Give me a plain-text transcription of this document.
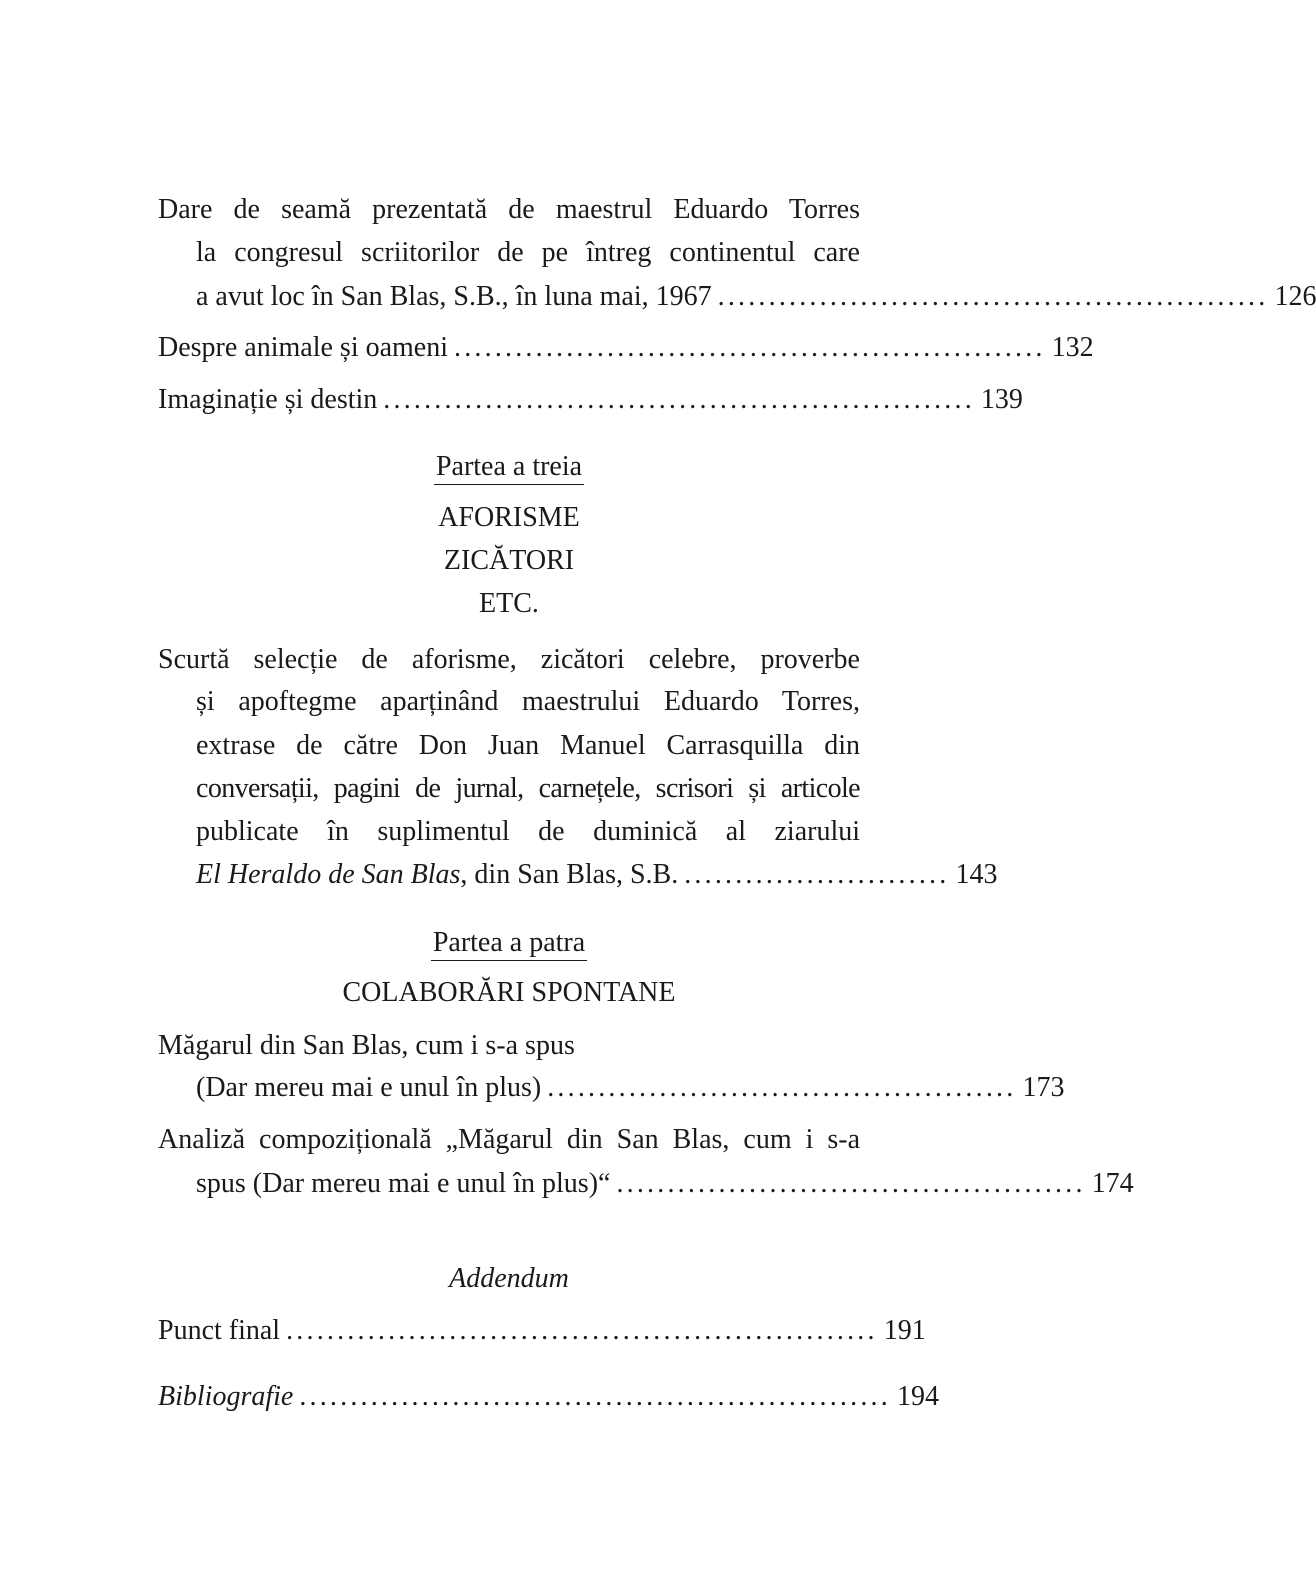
Dare de seamă prezentată de maestrul Eduardo Torres
la congresul scriitorilor de pe întreg continentul care
a avut loc în San Blas, S.B., în luna mai, 1967 ...................................................... 126
Despre animale și oameni .......................................................... 132
Imaginație și destin .......................................................... 139
Partea a treia
AFORISME
ZICĂTORI
ETC.
Scurtă selecție de aforisme, zicători celebre, proverbe
și apoftegme aparținând maestrului Eduardo Torres,
extrase de către Don Juan Manuel Carrasquilla din
conversații, pagini de jurnal, carnețele, scrisori și articole
publicate în suplimentul de duminică al ziarului
El Heraldo de San Blas, din San Blas, S.B. .......................... 143
Partea a patra
COLABORĂRI SPONTANE
Măgarul din San Blas, cum i s-a spus
(Dar mereu mai e unul în plus) .............................................. 173
Analiză compozițională „Măgarul din San Blas, cum i s-a
spus (Dar mereu mai e unul în plus)“ .............................................. 174
Addendum
Punct final .......................................................... 191
Bibliografie .......................................................... 194
